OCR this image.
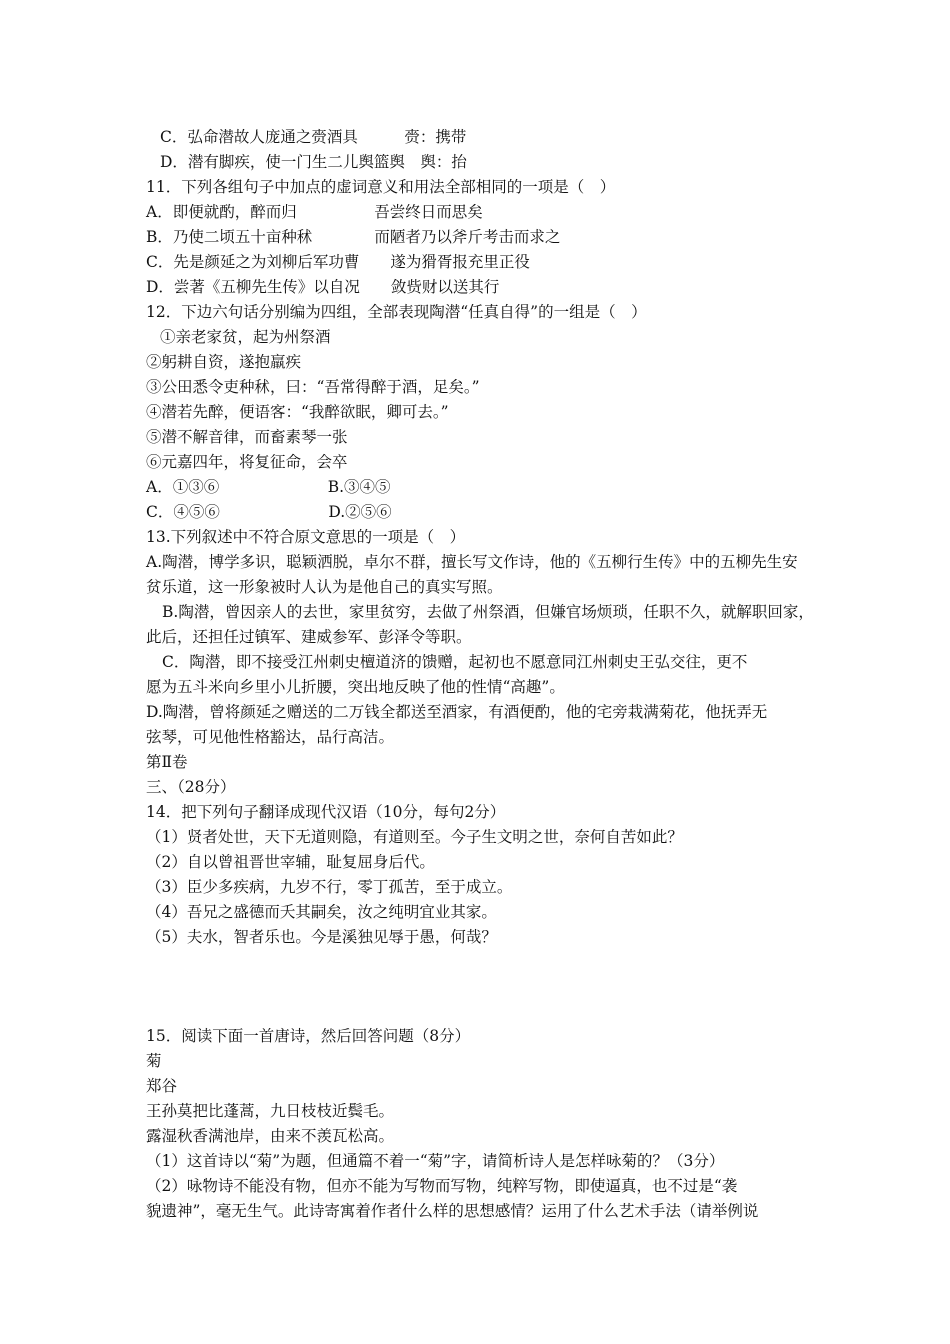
C．弘命潜故人庞通之赍酒具　　　赍：携带
D．潜有脚疾，使一门生二儿舆篮舆　舆：抬
11．下列各组句子中加点的虚词意义和用法全部相同的一项是（　）
A．即便就酌，醉而归　　　　　吾尝终日而思矣
B．乃使二顷五十亩种秫　　　　而陋者乃以斧斤考击而求之
C．先是颜延之为刘柳后军功曹　　遂为猾胥报充里正役
D．尝著《五柳先生传》以自况　　敛赀财以送其行
12．下边六句话分别编为四组，全部表现陶潜“任真自得”的一组是（　）
①亲老家贫，起为州祭酒
②躬耕自资，遂抱羸疾
③公田悉令吏种秫，曰：“吾常得醉于酒，足矣。”
④潜若先醉，便语客：“我醉欲眠，卿可去。”
⑤潜不解音律，而畜素琴一张
⑥元嘉四年，将复征命，会卒
A．①③⑥　　　　　　　B.③④⑤
C．④⑤⑥　　　　　　　D.②⑤⑥
13.下列叙述中不符合原文意思的一项是（　）
A.陶潜，博学多识，聪颖洒脱，卓尔不群，擅长写文作诗，他的《五柳行生传》中的五柳先生安
贫乐道，这一形象被时人认为是他自己的真实写照。
B.陶潜，曾因亲人的去世，家里贫穷，去做了州祭酒，但嫌官场烦琐，任职不久，就解职回家，
此后，还担任过镇军、建威参军、彭泽令等职。
C．陶潜，即不接受江州刺史檀道济的馈赠，起初也不愿意同江州刺史王弘交往，更不
愿为五斗米向乡里小儿折腰，突出地反映了他的性情“高趣”。
D.陶潜，曾将颜延之赠送的二万钱全都送至酒家，有酒便酌，他的宅旁栽满菊花，他抚弄无
弦琴，可见他性格豁达，品行高洁。
第Ⅱ卷
三、（28分）
14．把下列句子翻译成现代汉语（10分，每句2分）
（1）贤者处世，天下无道则隐，有道则至。今子生文明之世，奈何自苦如此？
（2）自以曾祖晋世宰辅，耻复屈身后代。
（3）臣少多疾病，九岁不行，零丁孤苦，至于成立。
（4）吾兄之盛德而夭其嗣矣，汝之纯明宜业其家。
（5）夫水，智者乐也。今是溪独见辱于愚，何哉？
15．阅读下面一首唐诗，然后回答问题（8分）
菊
郑谷
王孙莫把比蓬蒿，九日枝枝近鬓毛。
露湿秋香满池岸，由来不羡瓦松高。
（1）这首诗以“菊”为题，但通篇不着一“菊”字，请简析诗人是怎样咏菊的？（3分）
（2）咏物诗不能没有物，但亦不能为写物而写物，纯粹写物，即使逼真，也不过是“袭
貌遗神”，毫无生气。此诗寄寓着作者什么样的思想感情？运用了什么艺术手法（请举例说
